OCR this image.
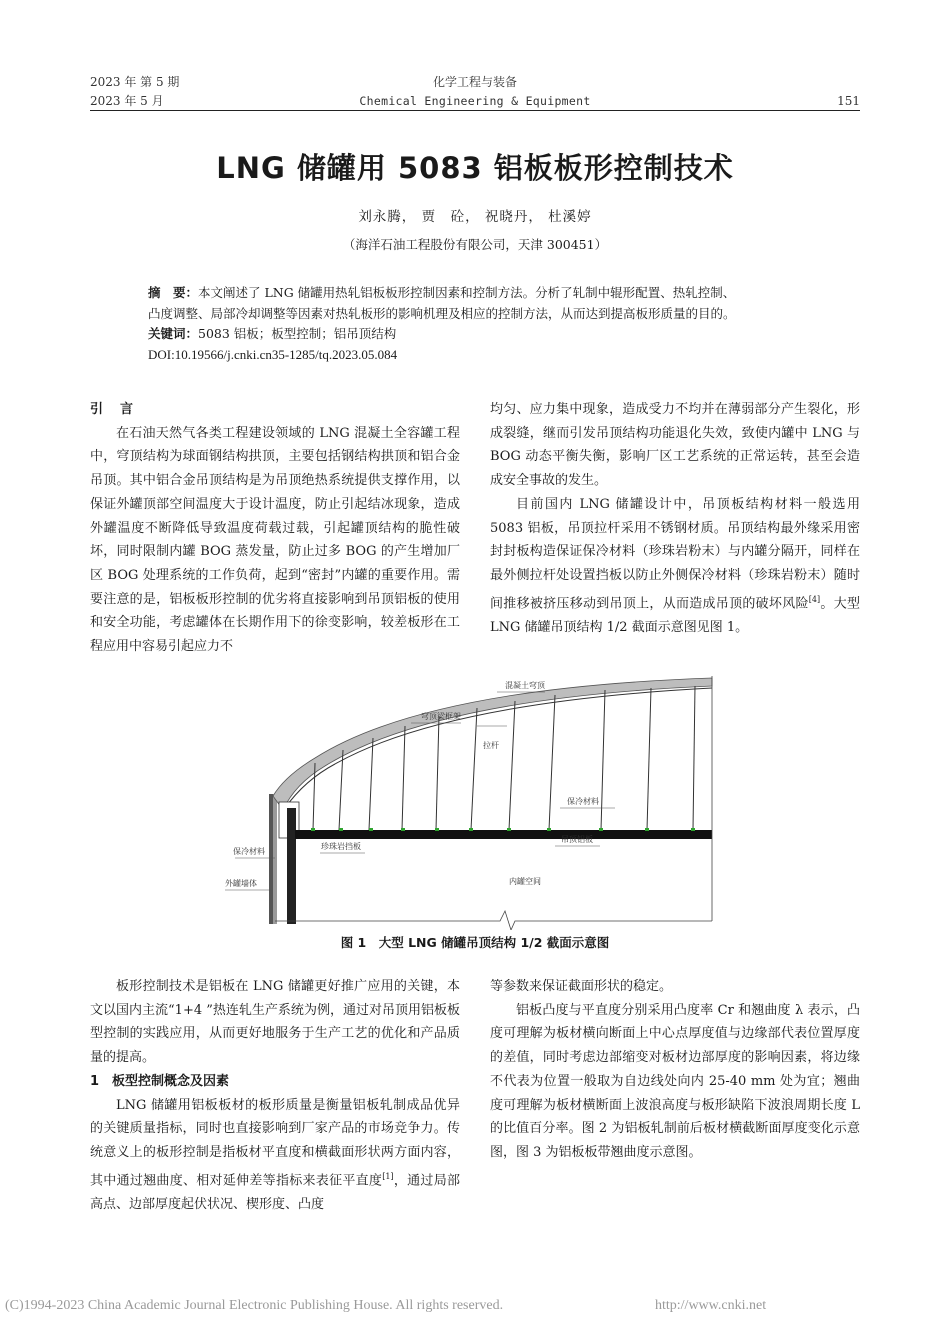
2023 年 第 5 期
2023 年 5 月
化学工程与装备
Chemical Engineering & Equipment	151
LNG 储罐用 5083 铝板板形控制技术
刘永腾， 贾　砼， 祝晓丹， 杜溪婷
（海洋石油工程股份有限公司，天津 300451）
摘　要：本文阐述了 LNG 储罐用热轧铝板板形控制因素和控制方法。分析了轧制中辊形配置、热轧控制、
凸度调整、局部冷却调整等因素对热轧板形的影响机理及相应的控制方法，从而达到提高板形质量的目的。
关键词：5083 铝板；板型控制；铝吊顶结构
DOI:10.19566/j.cnki.cn35-1285/tq.2023.05.084
引　言

在石油天然气各类工程建设领域的 LNG 混凝土全容罐工程中，穹顶结构为球面钢结构拱顶，主要包括钢结构拱顶和铝合金吊顶。其中铝合金吊顶结构是为吊顶绝热系统提供支撑作用，以保证外罐顶部空间温度大于设计温度，防止引起结冰现象，造成外罐温度不断降低导致温度荷载过载，引起罐顶结构的脆性破坏，同时限制内罐 BOG 蒸发量，防止过多 BOG 的产生增加厂区 BOG 处理系统的工作负荷，起到“密封”内罐的重要作用。需要注意的是，铝板板形控制的优劣将直接影响到吊顶铝板的使用和安全功能，考虑罐体在长期作用下的徐变影响，较差板形在工程应用中容易引起应力不

均匀、应力集中现象，造成受力不均并在薄弱部分产生裂化，形成裂缝，继而引发吊顶结构功能退化失效，致使内罐中 LNG 与 BOG 动态平衡失衡，影响厂区工艺系统的正常运转，甚至会造成安全事故的发生。

目前国内 LNG 储罐设计中，吊顶板结构材料一般选用 5083 铝板，吊顶拉杆采用不锈钢材质。吊顶结构最外缘采用密封封板构造保证保冷材料（珍珠岩粉末）与内罐分隔开，同样在最外侧拉杆处设置挡板以防止外侧保冷材料（珍珠岩粉末）随时间推移被挤压移动到吊顶上，从而造成吊顶的破坏风险[4]。大型 LNG 储罐吊顶结构 1/2 截面示意图见图 1。

混凝土穹顶
穹顶梁框架
拉杆
保冷材料
保冷材料
珍珠岩挡板
吊顶铝板
外罐墙体	内罐空间
图 1　大型 LNG 储罐吊顶结构 1/2 截面示意图

板形控制技术是铝板在 LNG 储罐更好推广应用的关键，本文以国内主流“1+4 ”热连轧生产系统为例，通过对吊顶用铝板板型控制的实践应用，从而更好地服务于生产工艺的优化和产品质量的提高。

1　板型控制概念及因素

LNG 储罐用铝板板材的板形质量是衡量铝板轧制成品优异的关键质量指标，同时也直接影响到厂家产品的市场竞争力。传统意义上的板形控制是指板材平直度和横截面形状两方面内容，其中通过翘曲度、相对延伸差等指标来表征平直度[1]，通过局部高点、边部厚度起伏状况、楔形度、凸度

等参数来保证截面形状的稳定。

铝板凸度与平直度分别采用凸度率 Cr 和翘曲度 λ 表示，凸度可理解为板材横向断面上中心点厚度值与边缘部代表位置厚度的差值，同时考虑边部缩变对板材边部厚度的影响因素，将边缘不代表为位置一般取为自边线处向内 25-40 mm 处为宜；翘曲度可理解为板材横断面上波浪高度与板形缺陷下波浪周期长度 L 的比值百分率。图 2 为铝板轧制前后板材横截断面厚度变化示意图，图 3 为铝板板带翘曲度示意图。

(C)1994-2023 China Academic Journal Electronic Publishing House. All rights reserved.	http://www.cnki.net
